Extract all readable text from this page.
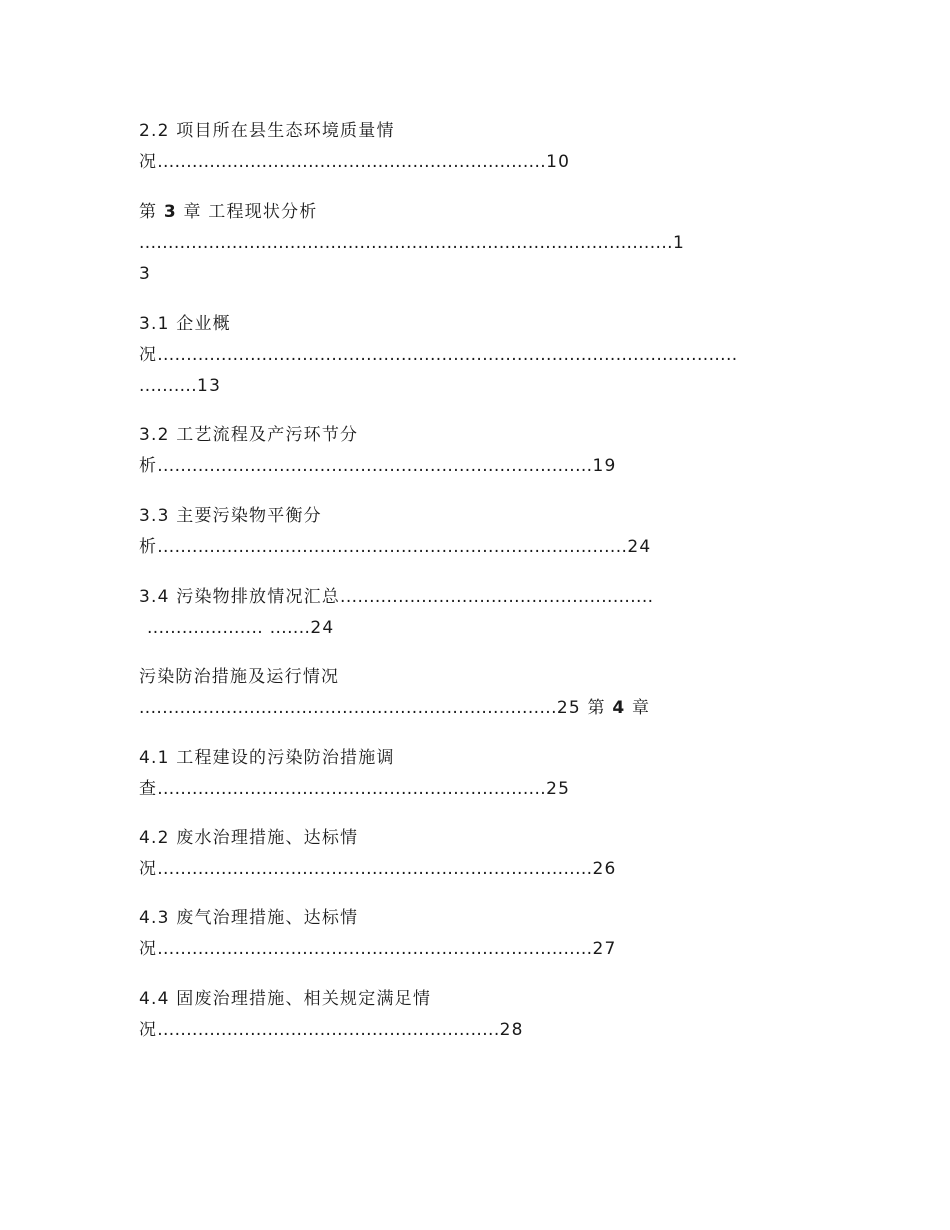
2.2 项目所在县生态环境质量情
况...................................................................10
第 3 章 工程现状分析
............................................................................................1
3
3.1 企业概
况....................................................................................................
..........13
3.2 工艺流程及产污环节分
析...........................................................................19
3.3 主要污染物平衡分
析.................................................................................24
3.4 污染物排放情况汇总......................................................
.................... .......24
污染防治措施及运行情况
........................................................................25 第 4 章
4.1 工程建设的污染防治措施调
查...................................................................25
4.2 废水治理措施、达标情
况...........................................................................26
4.3 废气治理措施、达标情
况...........................................................................27
4.4 固废治理措施、相关规定满足情
况...........................................................28
